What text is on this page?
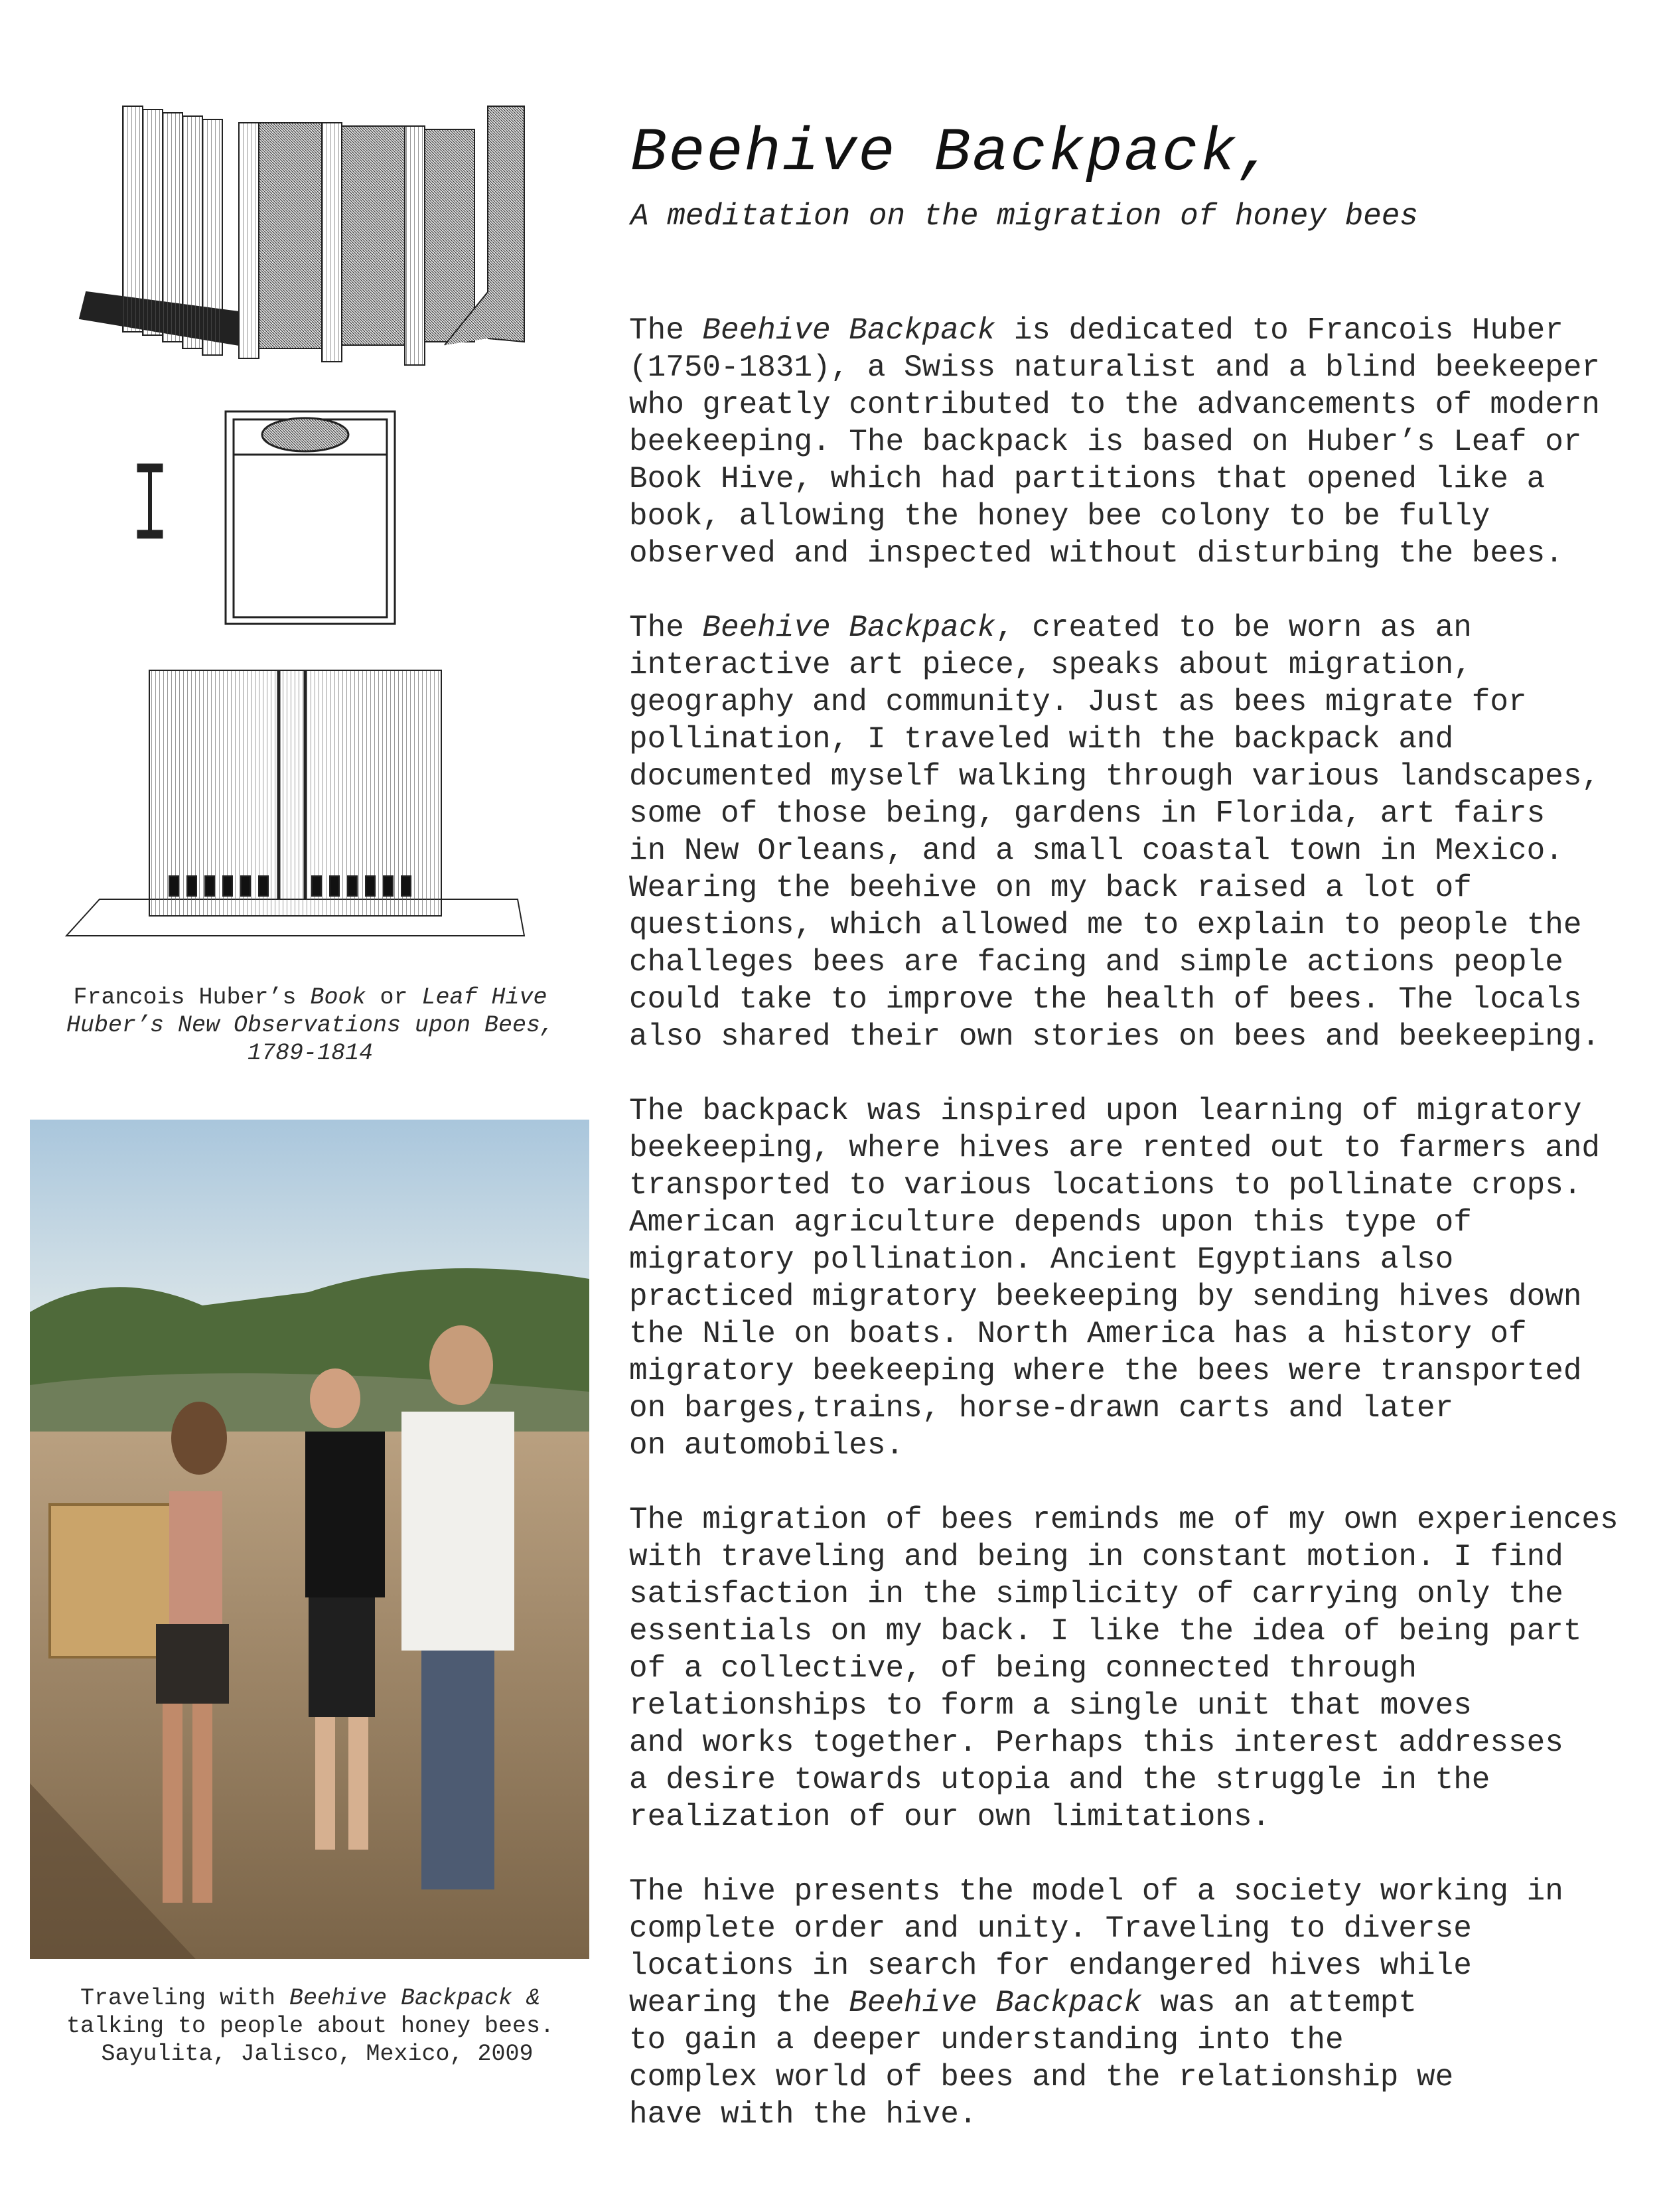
Beehive Backpack,
A meditation on the migration of honey bees
Francois Huber’s Book or Leaf Hive
Huber’s New Observations upon Bees,
1789-1814
Traveling with Beehive Backpack &
talking to people about honey bees.
Sayulita, Jalisco, Mexico, 2009
The Beehive Backpack is dedicated to Francois Huber
(1750-1831), a Swiss naturalist and a blind beekeeper
who greatly contributed to the advancements of modern
beekeeping. The backpack is based on Huber’s Leaf or
Book Hive, which had partitions that opened like a
book, allowing the honey bee colony to be fully
observed and inspected without disturbing the bees.
The Beehive Backpack, created to be worn as an
interactive art piece, speaks about migration,
geography and community. Just as bees migrate for
pollination, I traveled with the backpack and
documented myself walking through various landscapes,
some of those being, gardens in Florida, art fairs
in New Orleans, and a small coastal town in Mexico.
Wearing the beehive on my back raised a lot of
questions, which allowed me to explain to people the
challeges bees are facing and simple actions people
could take to improve the health of bees. The locals
also shared their own stories on bees and beekeeping.
The backpack was inspired upon learning of migratory
beekeeping, where hives are rented out to farmers and
transported to various locations to pollinate crops.
American agriculture depends upon this type of
migratory pollination. Ancient Egyptians also
practiced migratory beekeeping by sending hives down
the Nile on boats. North America has a history of
migratory beekeeping where the bees were transported
on barges,trains, horse-drawn carts and later
on automobiles.
The migration of bees reminds me of my own experiences
with traveling and being in constant motion. I find
satisfaction in the simplicity of carrying only the
essentials on my back. I like the idea of being part
of a collective, of being connected through
relationships to form a single unit that moves
and works together. Perhaps this interest addresses
a desire towards utopia and the struggle in the
realization of our own limitations.
The hive presents the model of a society working in
complete order and unity. Traveling to diverse
locations in search for endangered hives while
wearing the Beehive Backpack was an attempt
to gain a deeper understanding into the
complex world of bees and the relationship we
have with the hive.
